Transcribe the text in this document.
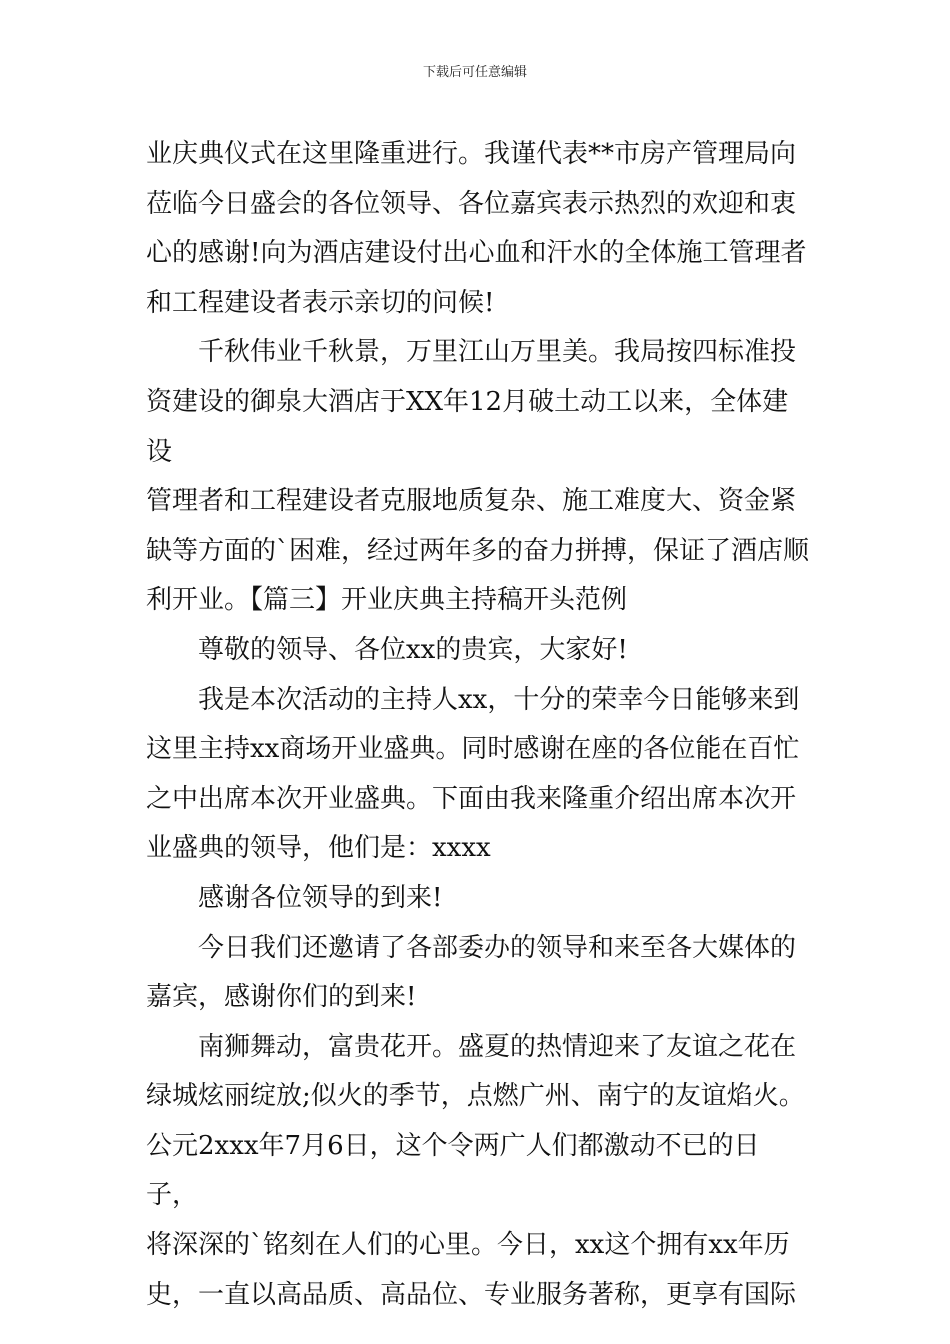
下载后可任意编辑

业庆典仪式在这里隆重进行。我谨代表**市房产管理局向
莅临今日盛会的各位领导、各位嘉宾表示热烈的欢迎和衷
心的感谢!向为酒店建设付出心血和汗水的全体施工管理者
和工程建设者表示亲切的问候!

　　千秋伟业千秋景，万里江山万里美。我局按四标准投
资建设的御泉大酒店于XX年12月破土动工以来，全体建设
管理者和工程建设者克服地质复杂、施工难度大、资金紧
缺等方面的`困难，经过两年多的奋力拼搏，保证了酒店顺
利开业。【篇三】开业庆典主持稿开头范例

　　尊敬的领导、各位xx的贵宾，大家好!

　　我是本次活动的主持人xx，十分的荣幸今日能够来到
这里主持xx商场开业盛典。同时感谢在座的各位能在百忙
之中出席本次开业盛典。下面由我来隆重介绍出席本次开
业盛典的领导，他们是：xxxx

　　感谢各位领导的到来!

　　今日我们还邀请了各部委办的领导和来至各大媒体的
嘉宾，感谢你们的到来!

　　南狮舞动，富贵花开。盛夏的热情迎来了友谊之花在
绿城炫丽绽放;似火的季节，点燃广州、南宁的友谊焰火。
公元2xxx年7月6日，这个令两广人们都激动不已的日子，
将深深的`铭刻在人们的心里。今日，xx这个拥有xx年历
史，一直以高品质、高品位、专业服务著称，更享有国际
